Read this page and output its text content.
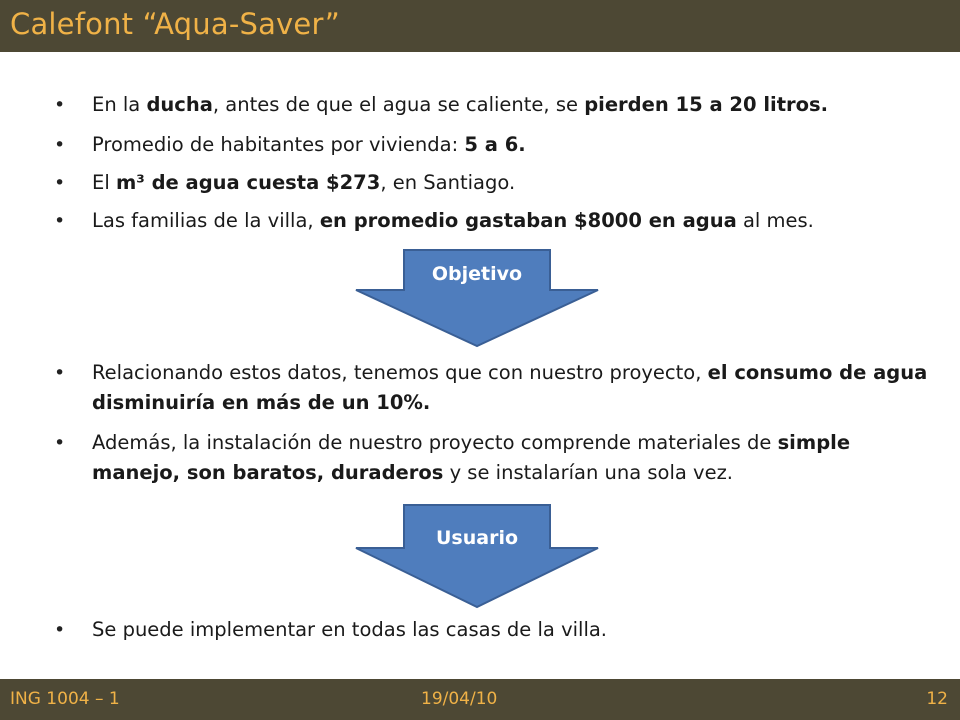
Calefont “Aqua-Saver”
• En la ducha, antes de que el agua se caliente, se pierden 15 a 20 litros.
• Promedio de habitantes por vivienda: 5 a 6.
• El m³ de agua cuesta $273, en Santiago.
• Las familias de la villa, en promedio gastaban $8000 en agua al mes.
• Relacionando estos datos, tenemos que con nuestro proyecto, el consumo de agua disminuiría en más de un 10%.
• Además, la instalación de nuestro proyecto comprende materiales de simple manejo, son baratos, duraderos y se instalarían una sola vez.
• Se puede implementar en todas las casas de la villa.
Objetivo
Usuario
ING 1004 – 1	19/04/10	12
